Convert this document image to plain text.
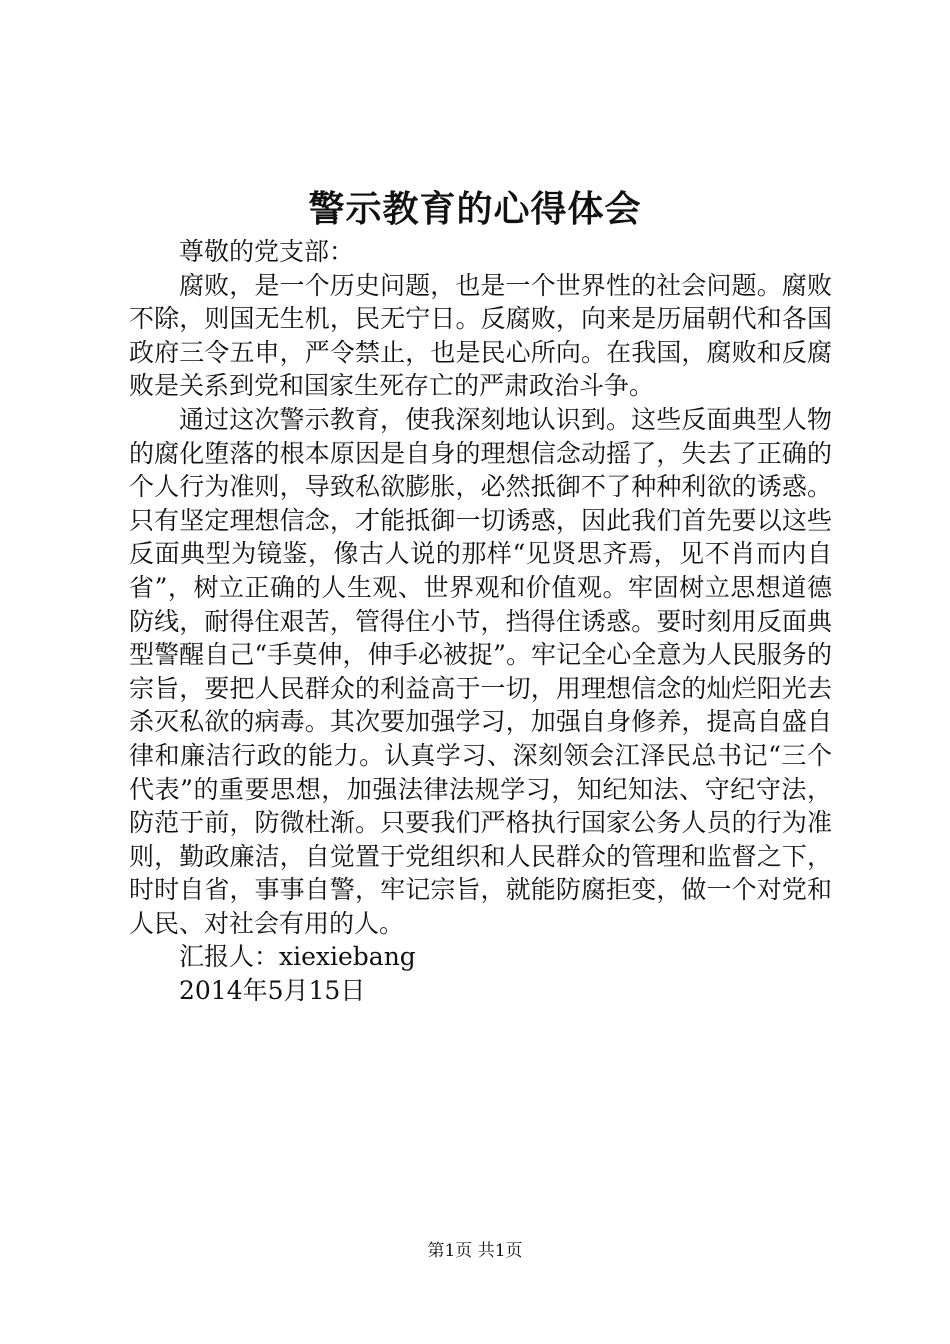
警示教育的心得体会

尊敬的党支部：

腐败，是一个历史问题，也是一个世界性的社会问题。腐败不除，则国无生机，民无宁日。反腐败，向来是历届朝代和各国政府三令五申，严令禁止，也是民心所向。在我国，腐败和反腐败是关系到党和国家生死存亡的严肃政治斗争。

通过这次警示教育，使我深刻地认识到。这些反面典型人物的腐化堕落的根本原因是自身的理想信念动摇了，失去了正确的个人行为准则，导致私欲膨胀，必然抵御不了种种利欲的诱惑。只有坚定理想信念，才能抵御一切诱惑，因此我们首先要以这些反面典型为镜鉴，像古人说的那样“见贤思齐焉，见不肖而内自省”，树立正确的人生观、世界观和价值观。牢固树立思想道德防线，耐得住艰苦，管得住小节，挡得住诱惑。要时刻用反面典型警醒自己“手莫伸，伸手必被捉”。牢记全心全意为人民服务的宗旨，要把人民群众的利益高于一切，用理想信念的灿烂阳光去杀灭私欲的病毒。其次要加强学习，加强自身修养，提高自盛自律和廉洁行政的能力。认真学习、深刻领会江泽民总书记“三个代表”的重要思想，加强法律法规学习，知纪知法、守纪守法，防范于前，防微杜渐。只要我们严格执行国家公务人员的行为准则，勤政廉洁，自觉置于党组织和人民群众的管理和监督之下，时时自省，事事自警，牢记宗旨，就能防腐拒变，做一个对党和人民、对社会有用的人。

汇报人：xiexiebang

2014年5月15日

第1页 共1页
